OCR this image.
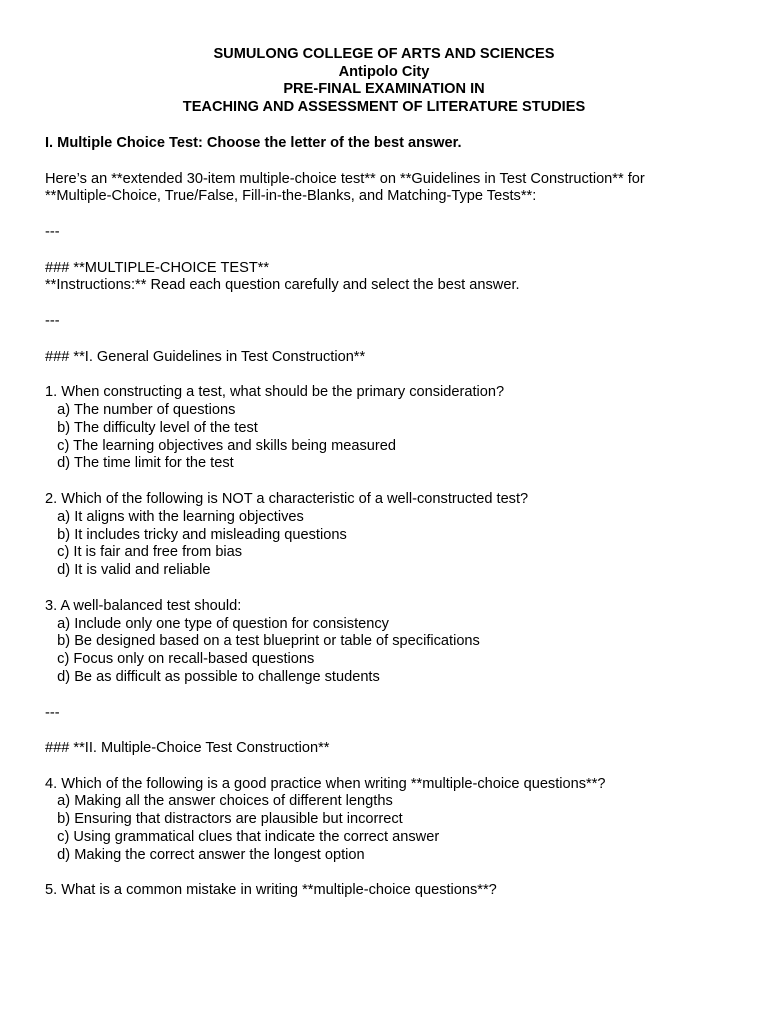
SUMULONG COLLEGE OF ARTS AND SCIENCES
Antipolo City
PRE-FINAL EXAMINATION IN
TEACHING AND ASSESSMENT OF LITERATURE STUDIES
I. Multiple Choice Test: Choose the letter of the best answer.
Here’s an **extended 30-item multiple-choice test** on **Guidelines in Test Construction** for
**Multiple-Choice, True/False, Fill-in-the-Blanks, and Matching-Type Tests**:
---
### **MULTIPLE-CHOICE TEST**
**Instructions:** Read each question carefully and select the best answer.
---
### **I. General Guidelines in Test Construction**
1. When constructing a test, what should be the primary consideration?
a) The number of questions
b) The difficulty level of the test
c) The learning objectives and skills being measured
d) The time limit for the test
2. Which of the following is NOT a characteristic of a well-constructed test?
a) It aligns with the learning objectives
b) It includes tricky and misleading questions
c) It is fair and free from bias
d) It is valid and reliable
3. A well-balanced test should:
a) Include only one type of question for consistency
b) Be designed based on a test blueprint or table of specifications
c) Focus only on recall-based questions
d) Be as difficult as possible to challenge students
---
### **II. Multiple-Choice Test Construction**
4. Which of the following is a good practice when writing **multiple-choice questions**?
a) Making all the answer choices of different lengths
b) Ensuring that distractors are plausible but incorrect
c) Using grammatical clues that indicate the correct answer
d) Making the correct answer the longest option
5. What is a common mistake in writing **multiple-choice questions**?
